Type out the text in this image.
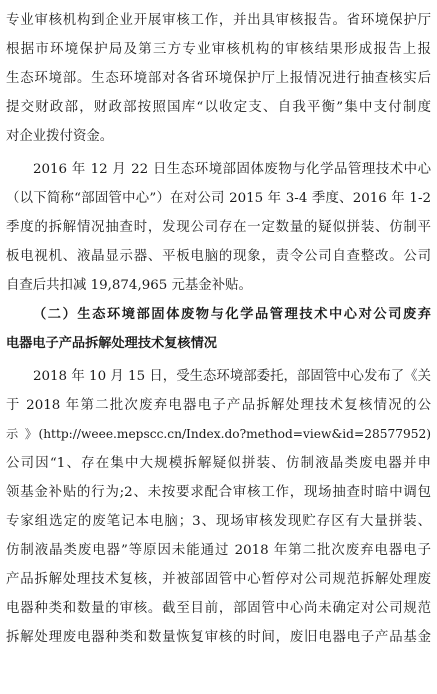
专业审核机构到企业开展审核工作，并出具审核报告。省环境保护厅
根据市环境保护局及第三方专业审核机构的审核结果形成报告上报
生态环境部。生态环境部对各省环境保护厅上报情况进行抽查核实后
提交财政部，财政部按照国库“以收定支、自我平衡”集中支付制度
对企业拨付资金。

2016 年 12 月 22 日生态环境部固体废物与化学品管理技术中心
（以下简称“部固管中心”）在对公司 2015 年 3-4 季度、2016 年 1-2
季度的拆解情况抽查时，发现公司存在一定数量的疑似拼装、仿制平
板电视机、液晶显示器、平板电脑的现象，责令公司自查整改。公司
自查后共扣减 19,874,965 元基金补贴。

（二）生态环境部固体废物与化学品管理技术中心对公司废弃
电器电子产品拆解处理技术复核情况

2018 年 10 月 15 日，受生态环境部委托，部固管中心发布了《关
于 2018 年第二批次废弃电器电子产品拆解处理技术复核情况的公
示 》(http://weee.mepscc.cn/Index.do?method=view&id=28577952)
公司因“1、存在集中大规模拆解疑似拼装、仿制液晶类废电器并申
领基金补贴的行为;2、未按要求配合审核工作，现场抽查时暗中调包
专家组选定的废笔记本电脑；3、现场审核发现贮存区有大量拼装、
仿制液晶类废电器”等原因未能通过 2018 年第二批次废弃电器电子
产品拆解处理技术复核，并被部固管中心暂停对公司规范拆解处理废
电器种类和数量的审核。截至目前，部固管中心尚未确定对公司规范
拆解处理废电器种类和数量恢复审核的时间，废旧电器电子产品基金
